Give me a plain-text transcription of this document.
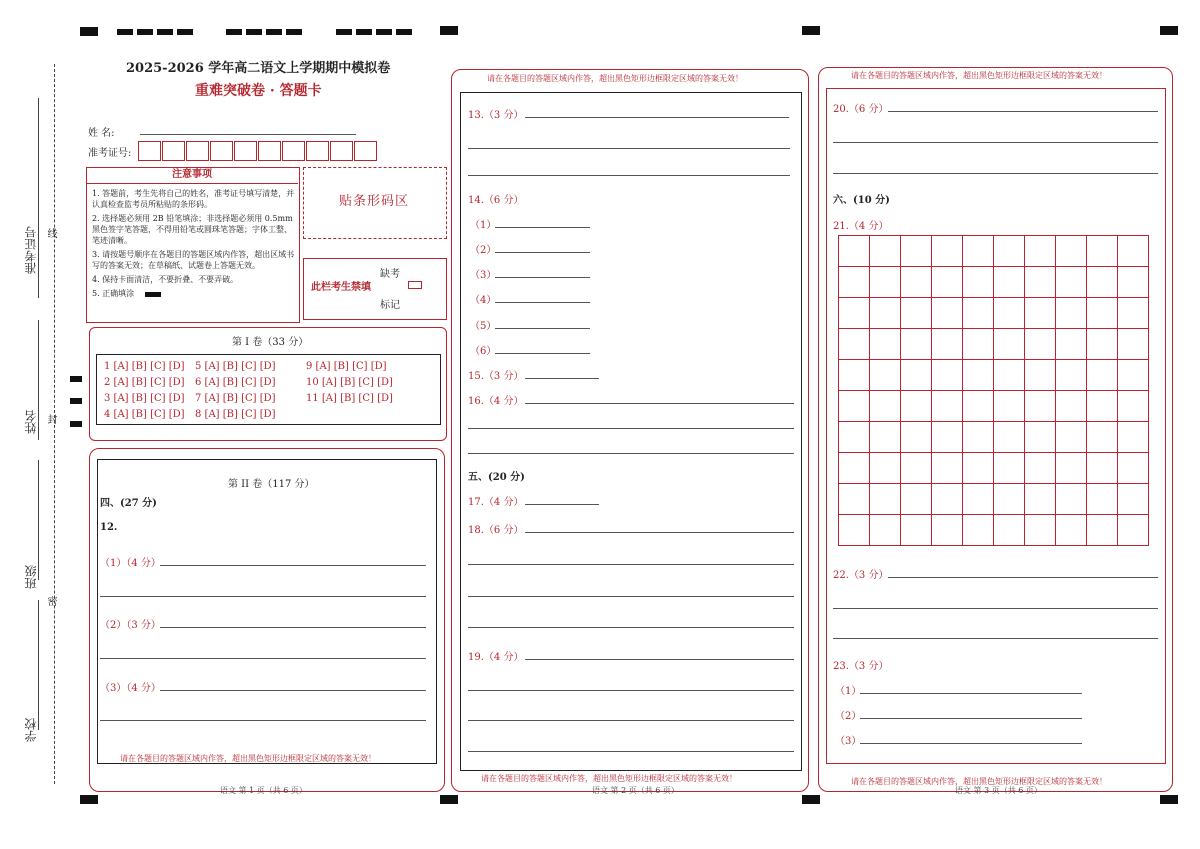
准考证号
姓名
班级
学校
线
封
密
2025-2026 学年高二语文上学期期中模拟卷
重难突破卷 · 答题卡
姓 名:
准考证号:
注意事项

1. 答题前，考生先将自己的姓名，准考证号填写清楚，并认真检查监考员所粘贴的条形码。

2. 选择题必须用 2B 铅笔填涂；非选择题必须用 0.5mm 黑色签字笔答题，不得用铅笔或圆珠笔答题；字体工整、笔迹清晰。

3. 请按题号顺序在各题目的答题区域内作答，超出区域书写的答案无效；在草稿纸、试题卷上答题无效。

4. 保持卡面清洁，不要折叠、不要弄破。

5. 正确填涂

贴条形码区
此栏考生禁填
缺考
标记
第 I 卷（33 分）
1 [A] [B] [C] [D]
2 [A] [B] [C] [D]
3 [A] [B] [C] [D]
4 [A] [B] [C] [D]
5 [A] [B] [C] [D]
6 [A] [B] [C] [D]
7 [A] [B] [C] [D]
8 [A] [B] [C] [D]
9 [A] [B] [C] [D]
10 [A] [B] [C] [D]
11 [A] [B] [C] [D]
第 II 卷（117 分）
四、(27 分)
12.
（1）（4 分）
（2）（3 分）
（3）（4 分）
请在各题目的答题区域内作答，超出黑色矩形边框限定区域的答案无效！
语文 第 1 页（共 6 页）
请在各题目的答题区域内作答，超出黑色矩形边框限定区域的答案无效！
13.（3 分）
14.（6 分）
（1）
（2）
（3）
（4）
（5）
（6）
15.（3 分）
16.（4 分）
五、(20 分)
17.（4 分）
18.（6 分）
19.（4 分）
请在各题目的答题区域内作答，超出黑色矩形边框限定区域的答案无效！
语文 第 2 页（共 6 页）
请在各题目的答题区域内作答，超出黑色矩形边框限定区域的答案无效！
20.（6 分）
六、(10 分)
21.（4 分）

22.（3 分）
23.（3 分）
（1）
（2）
（3）
请在各题目的答题区域内作答，超出黑色矩形边框限定区域的答案无效！
语文 第 3 页（共 6 页）
